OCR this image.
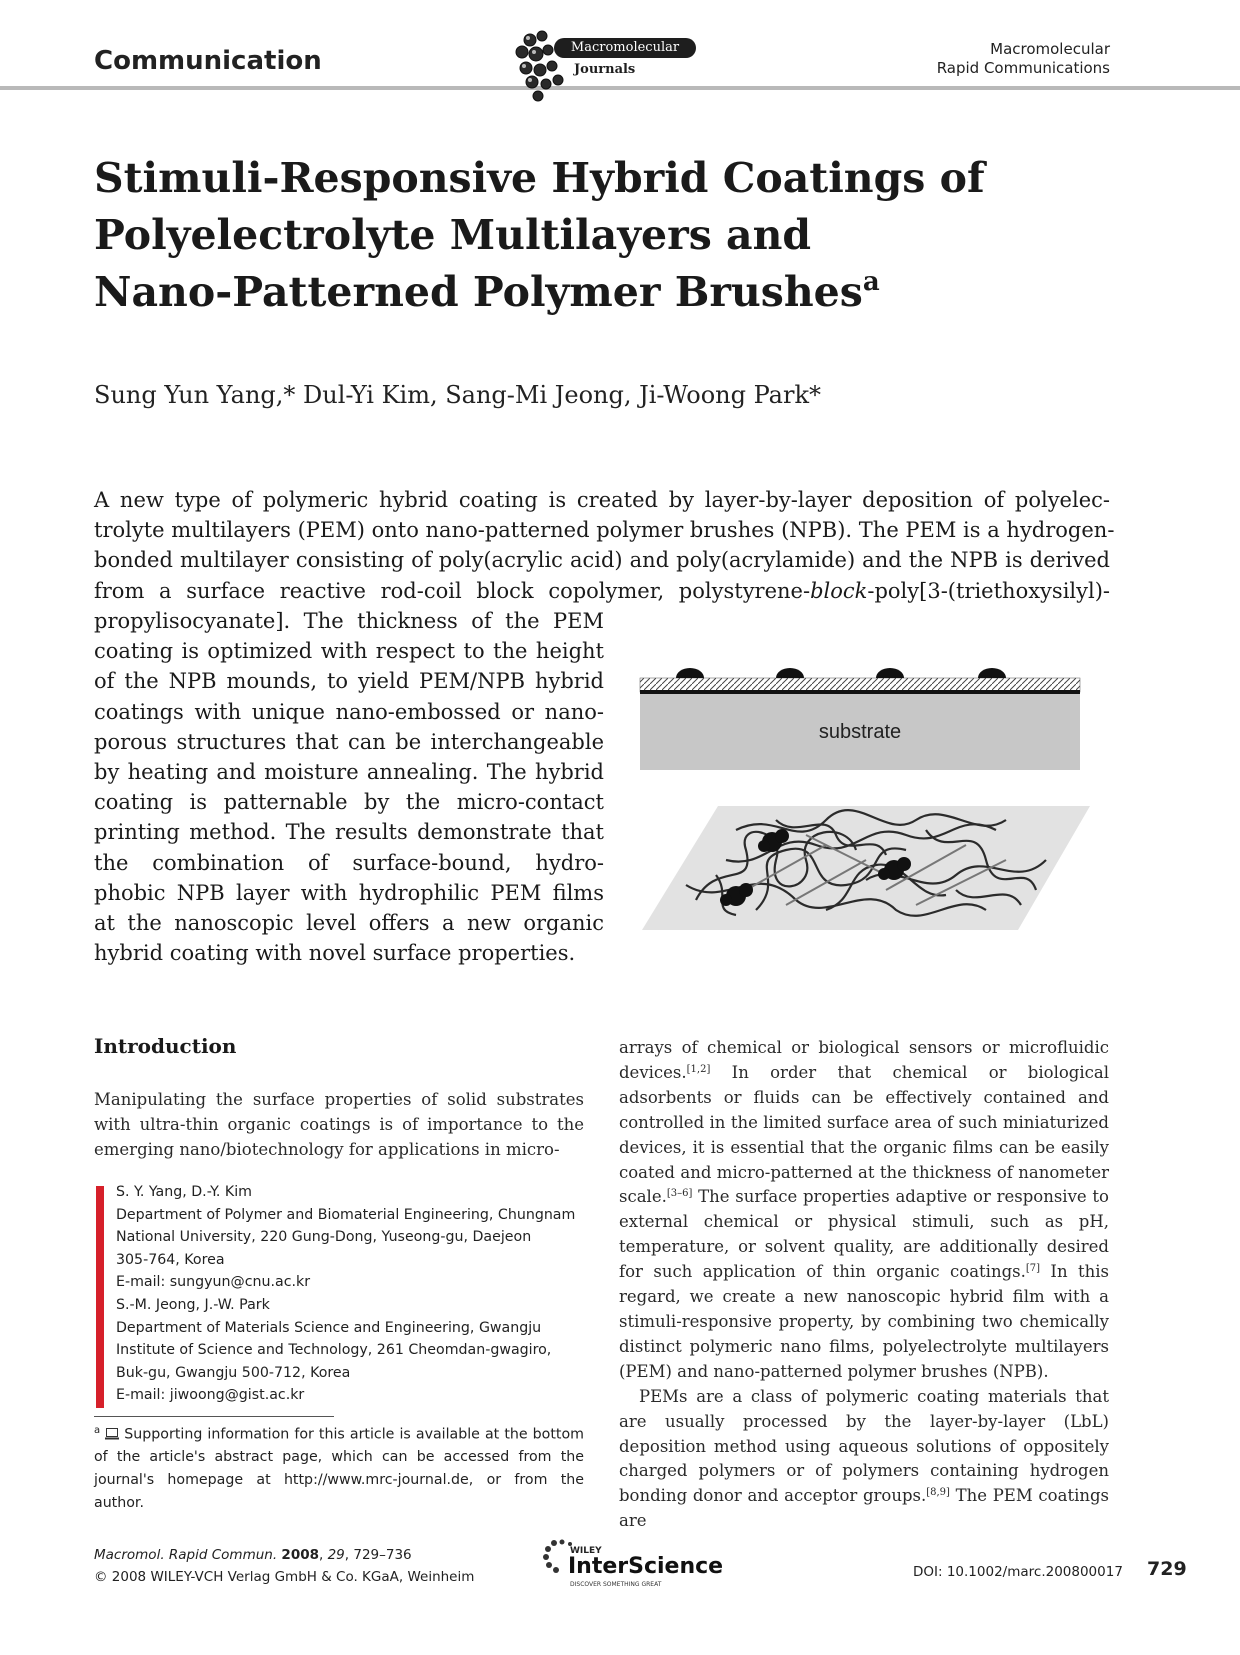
Communication	Macromolecular
Journals
Macromolecular
Rapid Communications
Stimuli-Responsive Hybrid Coatings of
Polyelectrolyte Multilayers and
Nano-Patterned Polymer Brushes$^a$
Sung Yun Yang,* Dul-Yi Kim, Sang-Mi Jeong, Ji-Woong Park*
A new type of polymeric hybrid coating is created by layer-by-layer deposition of polyelec-
trolyte multilayers (PEM) onto nano-patterned polymer brushes (NPB). The PEM is a hydrogen-
bonded multilayer consisting of poly(acrylic acid) and poly(acrylamide) and the NPB is derived
from a surface reactive rod-coil block copolymer, polystyrene-block-poly[3-(triethoxysilyl)-
propylisocyanate]. The thickness of the PEM
coating is optimized with respect to the height
of the NPB mounds, to yield PEM/NPB hybrid
coatings with unique nano-embossed or nano-
porous structures that can be interchangeable
by heating and moisture annealing. The hybrid
coating is patternable by the micro-contact
printing method. The results demonstrate that
the combination of surface-bound, hydro-
phobic NPB layer with hydrophilic PEM films
at the nanoscopic level offers a new organic
hybrid coating with novel surface properties.
substrate
Introduction
Manipulating the surface properties of solid substrates with ultra-thin organic coatings is of importance to the emerging nano/biotechnology for applications in micro-
S. Y. Yang, D.-Y. Kim
Department of Polymer and Biomaterial Engineering, Chungnam
National University, 220 Gung-Dong, Yuseong-gu, Daejeon
305-764, Korea
E-mail: sungyun@cnu.ac.kr
S.-M. Jeong, J.-W. Park
Department of Materials Science and Engineering, Gwangju
Institute of Science and Technology, 261 Cheomdan-gwagiro,
Buk-gu, Gwangju 500-712, Korea
E-mail: jiwoong@gist.ac.kr
$^a$ Supporting information for this article is available at the bottom of the article's abstract page, which can be accessed from the journal's homepage at http://www.mrc-journal.de, or from the author.
arrays of chemical or biological sensors or microfluidic devices.[1,2] In order that chemical or biological adsorbents or fluids can be effectively contained and controlled in the limited surface area of such miniaturized devices, it is essential that the organic films can be easily coated and micro-patterned at the thickness of nanometer scale.[3–6] The surface properties adaptive or responsive to external chemical or physical stimuli, such as pH, temperature, or solvent quality, are additionally desired for such application of thin organic coatings.[7] In this regard, we create a new nanoscopic hybrid film with a stimuli-responsive property, by combining two chemically distinct polymeric nano films, polyelectrolyte multilayers (PEM) and nano-patterned polymer brushes (NPB).
PEMs are a class of polymeric coating materials that are usually processed by the layer-by-layer (LbL) deposition method using aqueous solutions of oppositely charged polymers or of polymers containing hydrogen bonding donor and acceptor groups.[8,9] The PEM coatings are
Macromol. Rapid Commun. 2008, 29, 729–736
© 2008 WILEY-VCH Verlag GmbH & Co. KGaA, Weinheim
WILEY
InterScience
DISCOVER SOMETHING GREAT
DOI: 10.1002/marc.200800017 729
